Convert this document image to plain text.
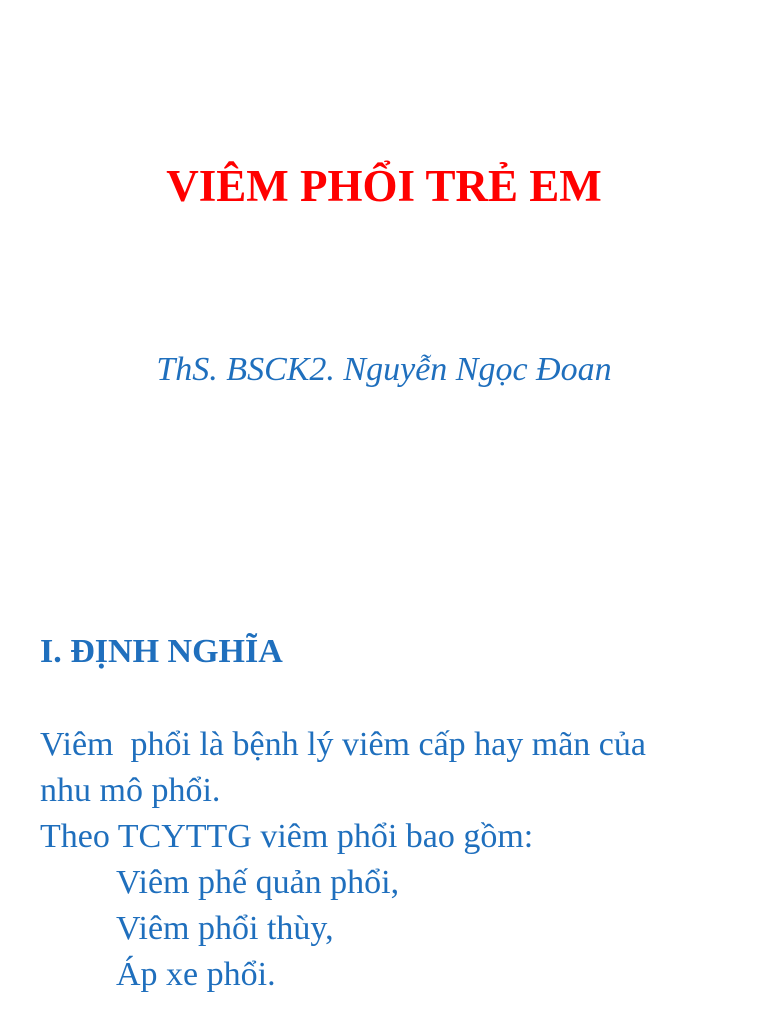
VIÊM PHỔI TRẺ EM
ThS. BSCK2. Nguyễn Ngọc Đoan
I. ĐỊNH NGHĨA
Viêm  phổi là bệnh lý viêm cấp hay mãn của
nhu mô phổi.
Theo TCYTTG viêm phổi bao gồm:
Viêm phế quản phổi,
Viêm phổi thùy,
Áp xe phổi.
